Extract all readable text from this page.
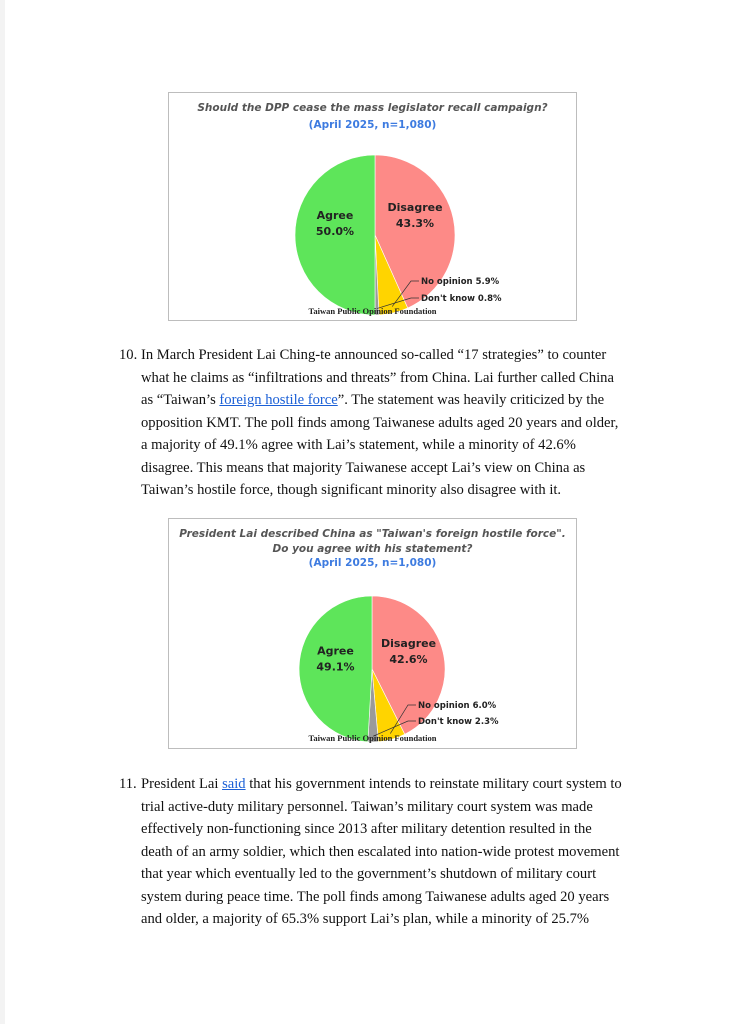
Should the DPP cease the mass legislator recall campaign?
(April 2025, n=1,080)
Disagree
43.3%
Agree
50.0%
No opinion 5.9%
Don't know 0.8%
Taiwan Public Opinion Foundation
10. In March President Lai Ching-te announced so-called “17 strategies” to counter
what he claims as “infiltrations and threats” from China. Lai further called China
as “Taiwan’s foreign hostile force”. The statement was heavily criticized by the
opposition KMT. The poll finds among Taiwanese adults aged 20 years and older,
a majority of 49.1% agree with Lai’s statement, while a minority of 42.6%
disagree. This means that majority Taiwanese accept Lai’s view on China as
Taiwan’s hostile force, though significant minority also disagree with it.
President Lai described China as "Taiwan's foreign hostile force".
Do you agree with his statement?
(April 2025, n=1,080)
Disagree
42.6%
Agree
49.1%
No opinion 6.0%
Don't know 2.3%
Taiwan Public Opinion Foundation
11. President Lai said that his government intends to reinstate military court system to
trial active-duty military personnel. Taiwan’s military court system was made
effectively non-functioning since 2013 after military detention resulted in the
death of an army soldier, which then escalated into nation-wide protest movement
that year which eventually led to the government’s shutdown of military court
system during peace time. The poll finds among Taiwanese adults aged 20 years
and older, a majority of 65.3% support Lai’s plan, while a minority of 25.7%
